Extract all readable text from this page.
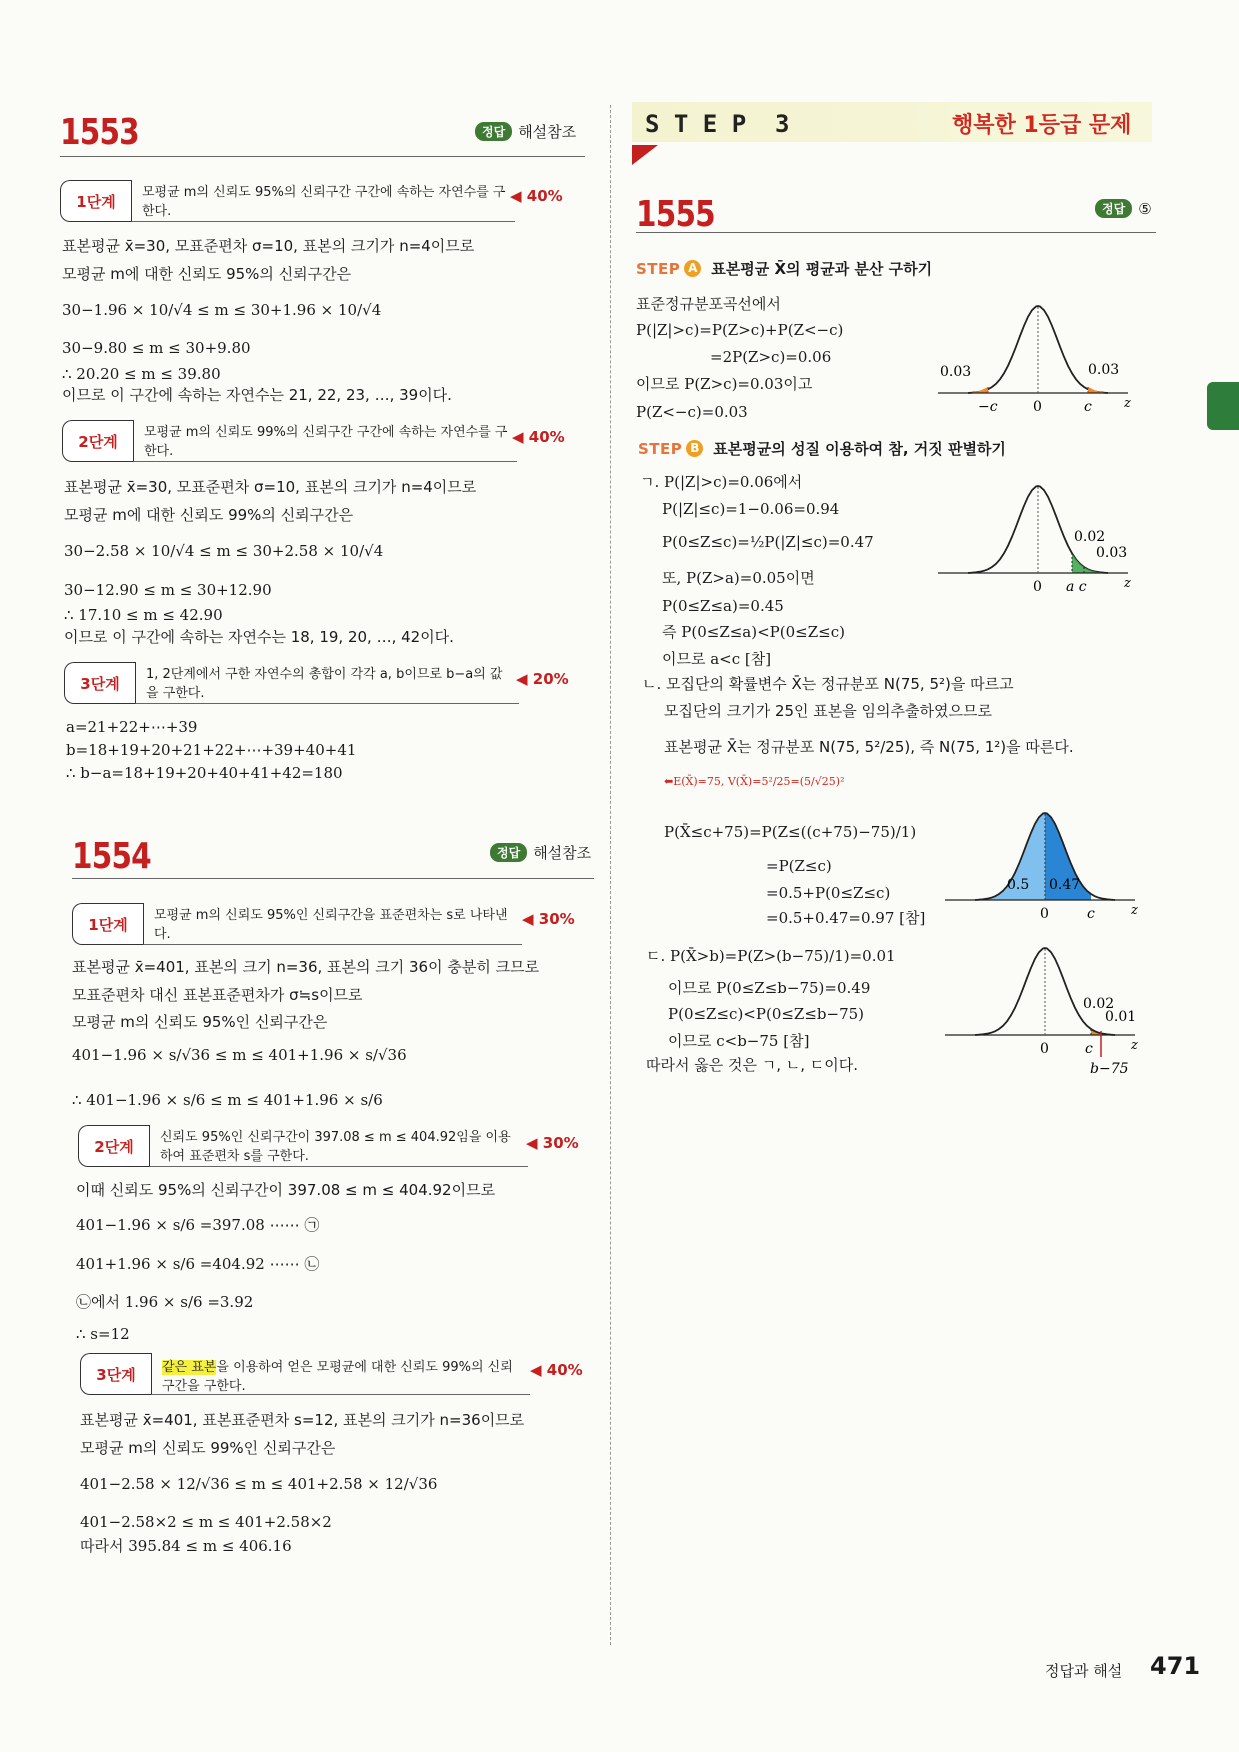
1553	정답 해설참조
1단계
모평균 m의 신뢰도 95%의 신뢰구간 구간에 속하는 자연수를 구한다.
◀ 40%
표본평균 x̄=30, 모표준편차 σ=10, 표본의 크기가 n=4이므로
모평균 m에 대한 신뢰도 95%의 신뢰구간은
30−1.96 × 10/√4 ≤ m ≤ 30+1.96 × 10/√4
30−9.80 ≤ m ≤ 30+9.80
∴ 20.20 ≤ m ≤ 39.80
이므로 이 구간에 속하는 자연수는 21, 22, 23, …, 39이다.
2단계
모평균 m의 신뢰도 99%의 신뢰구간 구간에 속하는 자연수를 구한다.
◀ 40%
표본평균 x̄=30, 모표준편차 σ=10, 표본의 크기가 n=4이므로
모평균 m에 대한 신뢰도 99%의 신뢰구간은
30−2.58 × 10/√4 ≤ m ≤ 30+2.58 × 10/√4
30−12.90 ≤ m ≤ 30+12.90
∴ 17.10 ≤ m ≤ 42.90
이므로 이 구간에 속하는 자연수는 18, 19, 20, …, 42이다.
3단계
1, 2단계에서 구한 자연수의 총합이 각각 a, b이므로 b−a의 값을 구한다.
◀ 20%
a=21+22+⋯+39
b=18+19+20+21+22+⋯+39+40+41
∴ b−a=18+19+20+40+41+42=180
1554	정답 해설참조
1단계
모평균 m의 신뢰도 95%인 신뢰구간을 표준편차는 s로 나타낸다.
◀ 30%
표본평균 x̄=401, 표본의 크기 n=36, 표본의 크기 36이 충분히 크므로
모표준편차 대신 표본표준편차가 σ≒s이므로
모평균 m의 신뢰도 95%인 신뢰구간은
401−1.96 × s/√36 ≤ m ≤ 401+1.96 × s/√36
∴ 401−1.96 × s/6 ≤ m ≤ 401+1.96 × s/6
2단계
신뢰도 95%인 신뢰구간이 397.08 ≤ m ≤ 404.92임을 이용하여 표준편차 s를 구한다.
◀ 30%
이때 신뢰도 95%의 신뢰구간이 397.08 ≤ m ≤ 404.92이므로
401−1.96 × s/6 =397.08 ⋯⋯ ㉠
401+1.96 × s/6 =404.92 ⋯⋯ ㉡
㉡에서 1.96 × s/6 =3.92
∴ s=12
3단계	같은 표본을 이용하여 얻은 모평균에 대한 신뢰도 99%의 신뢰구간을 구한다.
◀ 40%
표본평균 x̄=401, 표본표준편차 s=12, 표본의 크기가 n=36이므로
모평균 m의 신뢰도 99%인 신뢰구간은
401−2.58 × 12/√36 ≤ m ≤ 401+2.58 × 12/√36
401−2.58×2 ≤ m ≤ 401+2.58×2
따라서 395.84 ≤ m ≤ 406.16
S T E P  3	행복한 1등급 문제
1555	정답 ⑤
STEP A 표본평균 X̄의 평균과 분산 구하기
표준정규분포곡선에서
P(|Z|>c)=P(Z>c)+P(Z<−c)
=2P(Z>c)=0.06
이므로 P(Z>c)=0.03이고
P(Z<−c)=0.03
0.03	0.03
−c	0	c z
STEP B 표본평균의 성질 이용하여 참, 거짓 판별하기
ㄱ. P(|Z|>c)=0.06에서
P(|Z|≤c)=1−0.06=0.94
P(0≤Z≤c)=½P(|Z|≤c)=0.47
또, P(Z>a)=0.05이면
P(0≤Z≤a)=0.45
즉 P(0≤Z≤a)<P(0≤Z≤c)
이므로 a<c [참]
ㄴ. 모집단의 확률변수 X̄는 정규분포 N(75, 5²)을 따르고
모집단의 크기가 25인 표본을 임의추출하였으므로
표본평균 X̄는 정규분포 N(75, 5²/25), 즉 N(75, 1²)을 따른다.
⬅E(X̄)=75, V(X̄)=5²/25=(5/√25)²
P(X̄≤c+75)=P(Z≤((c+75)−75)/1)
=P(Z≤c)
=0.5+P(0≤Z≤c)
=0.5+0.47=0.97 [참]
ㄷ. P(X̄>b)=P(Z>(b−75)/1)=0.01
이므로 P(0≤Z≤b−75)=0.49
P(0≤Z≤c)<P(0≤Z≤b−75)
이므로 c<b−75 [참]
따라서 옳은 것은 ㄱ, ㄴ, ㄷ이다.
0.02
0.03
0 a c	z
0.5 0.47
0	c	z
0.02
0.01
0	c	z
b−75
정답과 해설 471
